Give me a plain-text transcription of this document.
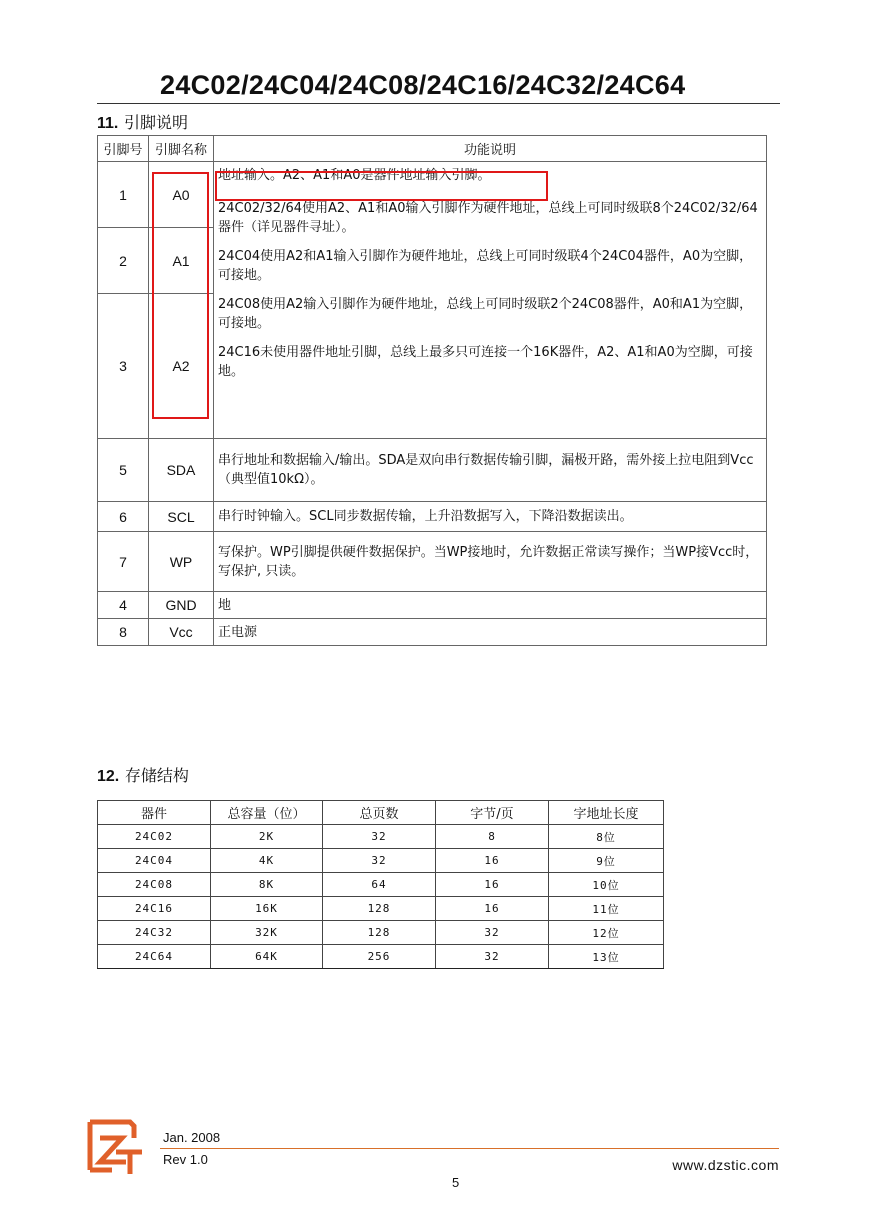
24C02/24C04/24C08/24C16/24C32/24C64
11. 引脚说明
引脚号	引脚名称	功能说明
1	A0	地址输入。A2、A1和A0是器件地址输入引脚。

24C02/32/64使用A2、A1和A0输入引脚作为硬件地址，总线上可同时级联8个24C02/32/64器件（详见器件寻址）。

24C04使用A2和A1输入引脚作为硬件地址，总线上可同时级联4个24C04器件，A0为空脚，可接地。

24C08使用A2输入引脚作为硬件地址，总线上可同时级联2个24C08器件，A0和A1为空脚，可接地。

24C16未使用器件地址引脚，总线上最多只可连接一个16K器件，A2、A1和A0为空脚，可接地。

2	A1	
3	A2	
5	SDA	串行地址和数据输入/输出。SDA是双向串行数据传输引脚，漏极开路，需外接上拉电阻到Vcc（典型值10kΩ）。
6	SCL	串行时钟输入。SCL同步数据传输，上升沿数据写入，下降沿数据读出。
7	WP	写保护。WP引脚提供硬件数据保护。当WP接地时，允许数据正常读写操作；当WP接Vcc时，写保护, 只读。
4	GND	地
8	Vcc	正电源
12. 存储结构
器件	总容量（位）	总页数	字节/页	字地址长度
24C02	2K	32	8	8位
24C04	4K	32	16	9位
24C08	8K	64	16	10位
24C16	16K	128	16	11位
24C32	32K	128	32	12位
24C64	64K	256	32	13位
Jan. 2008
Rev 1.0	www.dzstic.com
5
